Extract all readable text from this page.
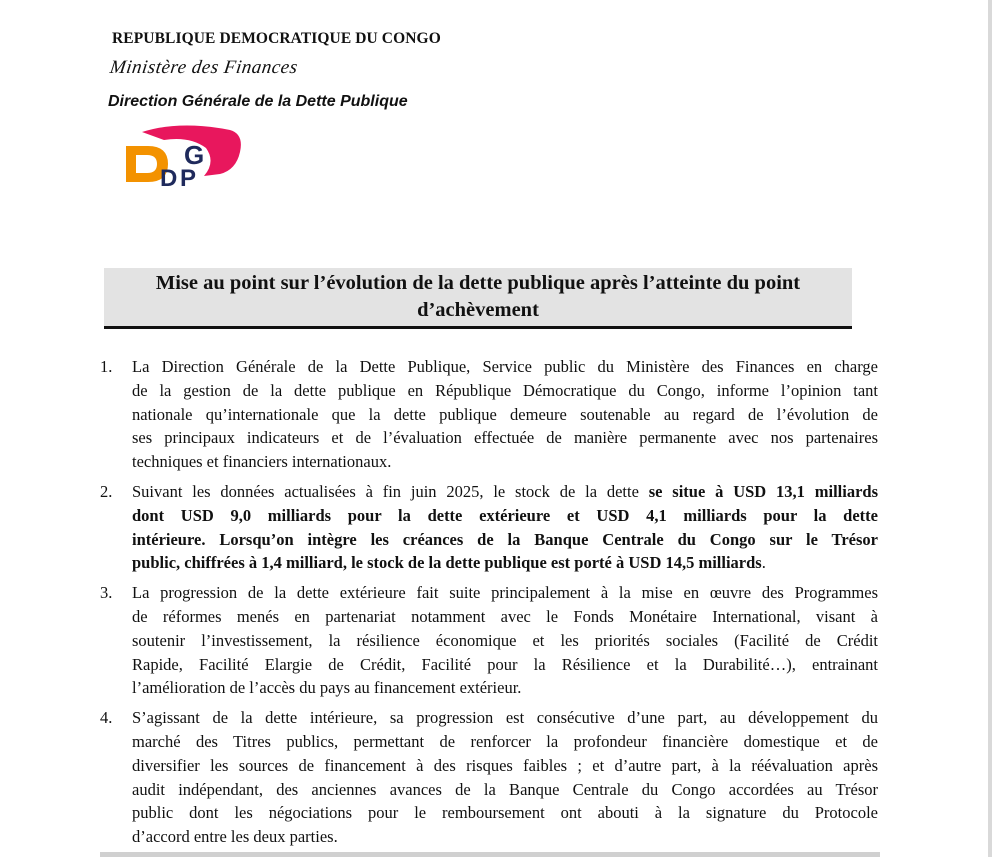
REPUBLIQUE DEMOCRATIQUE DU CONGO
Ministère des Finances
Direction Générale de la Dette Publique
G
D P
Mise au point sur l’évolution de la dette publique après l’atteinte du point
d’achèvement
1. La Direction Générale de la Dette Publique, Service public du Ministère des Finances en charge
de la gestion de la dette publique en République Démocratique du Congo, informe l’opinion tant
nationale qu’internationale que la dette publique demeure soutenable au regard de l’évolution de
ses principaux indicateurs et de l’évaluation effectuée de manière permanente avec nos partenaires
techniques et financiers internationaux.
2. Suivant les données actualisées à fin juin 2025, le stock de la dette se situe à USD 13,1 milliards
dont USD 9,0 milliards pour la dette extérieure et USD 4,1 milliards pour la dette
intérieure. Lorsqu’on intègre les créances de la Banque Centrale du Congo sur le Trésor
public, chiffrées à 1,4 milliard, le stock de la dette publique est porté à USD 14,5 milliards.
3. La progression de la dette extérieure fait suite principalement à la mise en œuvre des Programmes
de réformes menés en partenariat notamment avec le Fonds Monétaire International, visant à
soutenir l’investissement, la résilience économique et les priorités sociales (Facilité de Crédit
Rapide, Facilité Elargie de Crédit, Facilité pour la Résilience et la Durabilité…), entrainant
l’amélioration de l’accès du pays au financement extérieur.
4. S’agissant de la dette intérieure, sa progression est consécutive d’une part, au développement du
marché des Titres publics, permettant de renforcer la profondeur financière domestique et de
diversifier les sources de financement à des risques faibles ; et d’autre part, à la réévaluation après
audit indépendant, des anciennes avances de la Banque Centrale du Congo accordées au Trésor
public dont les négociations pour le remboursement ont abouti à la signature du Protocole
d’accord entre les deux parties.
